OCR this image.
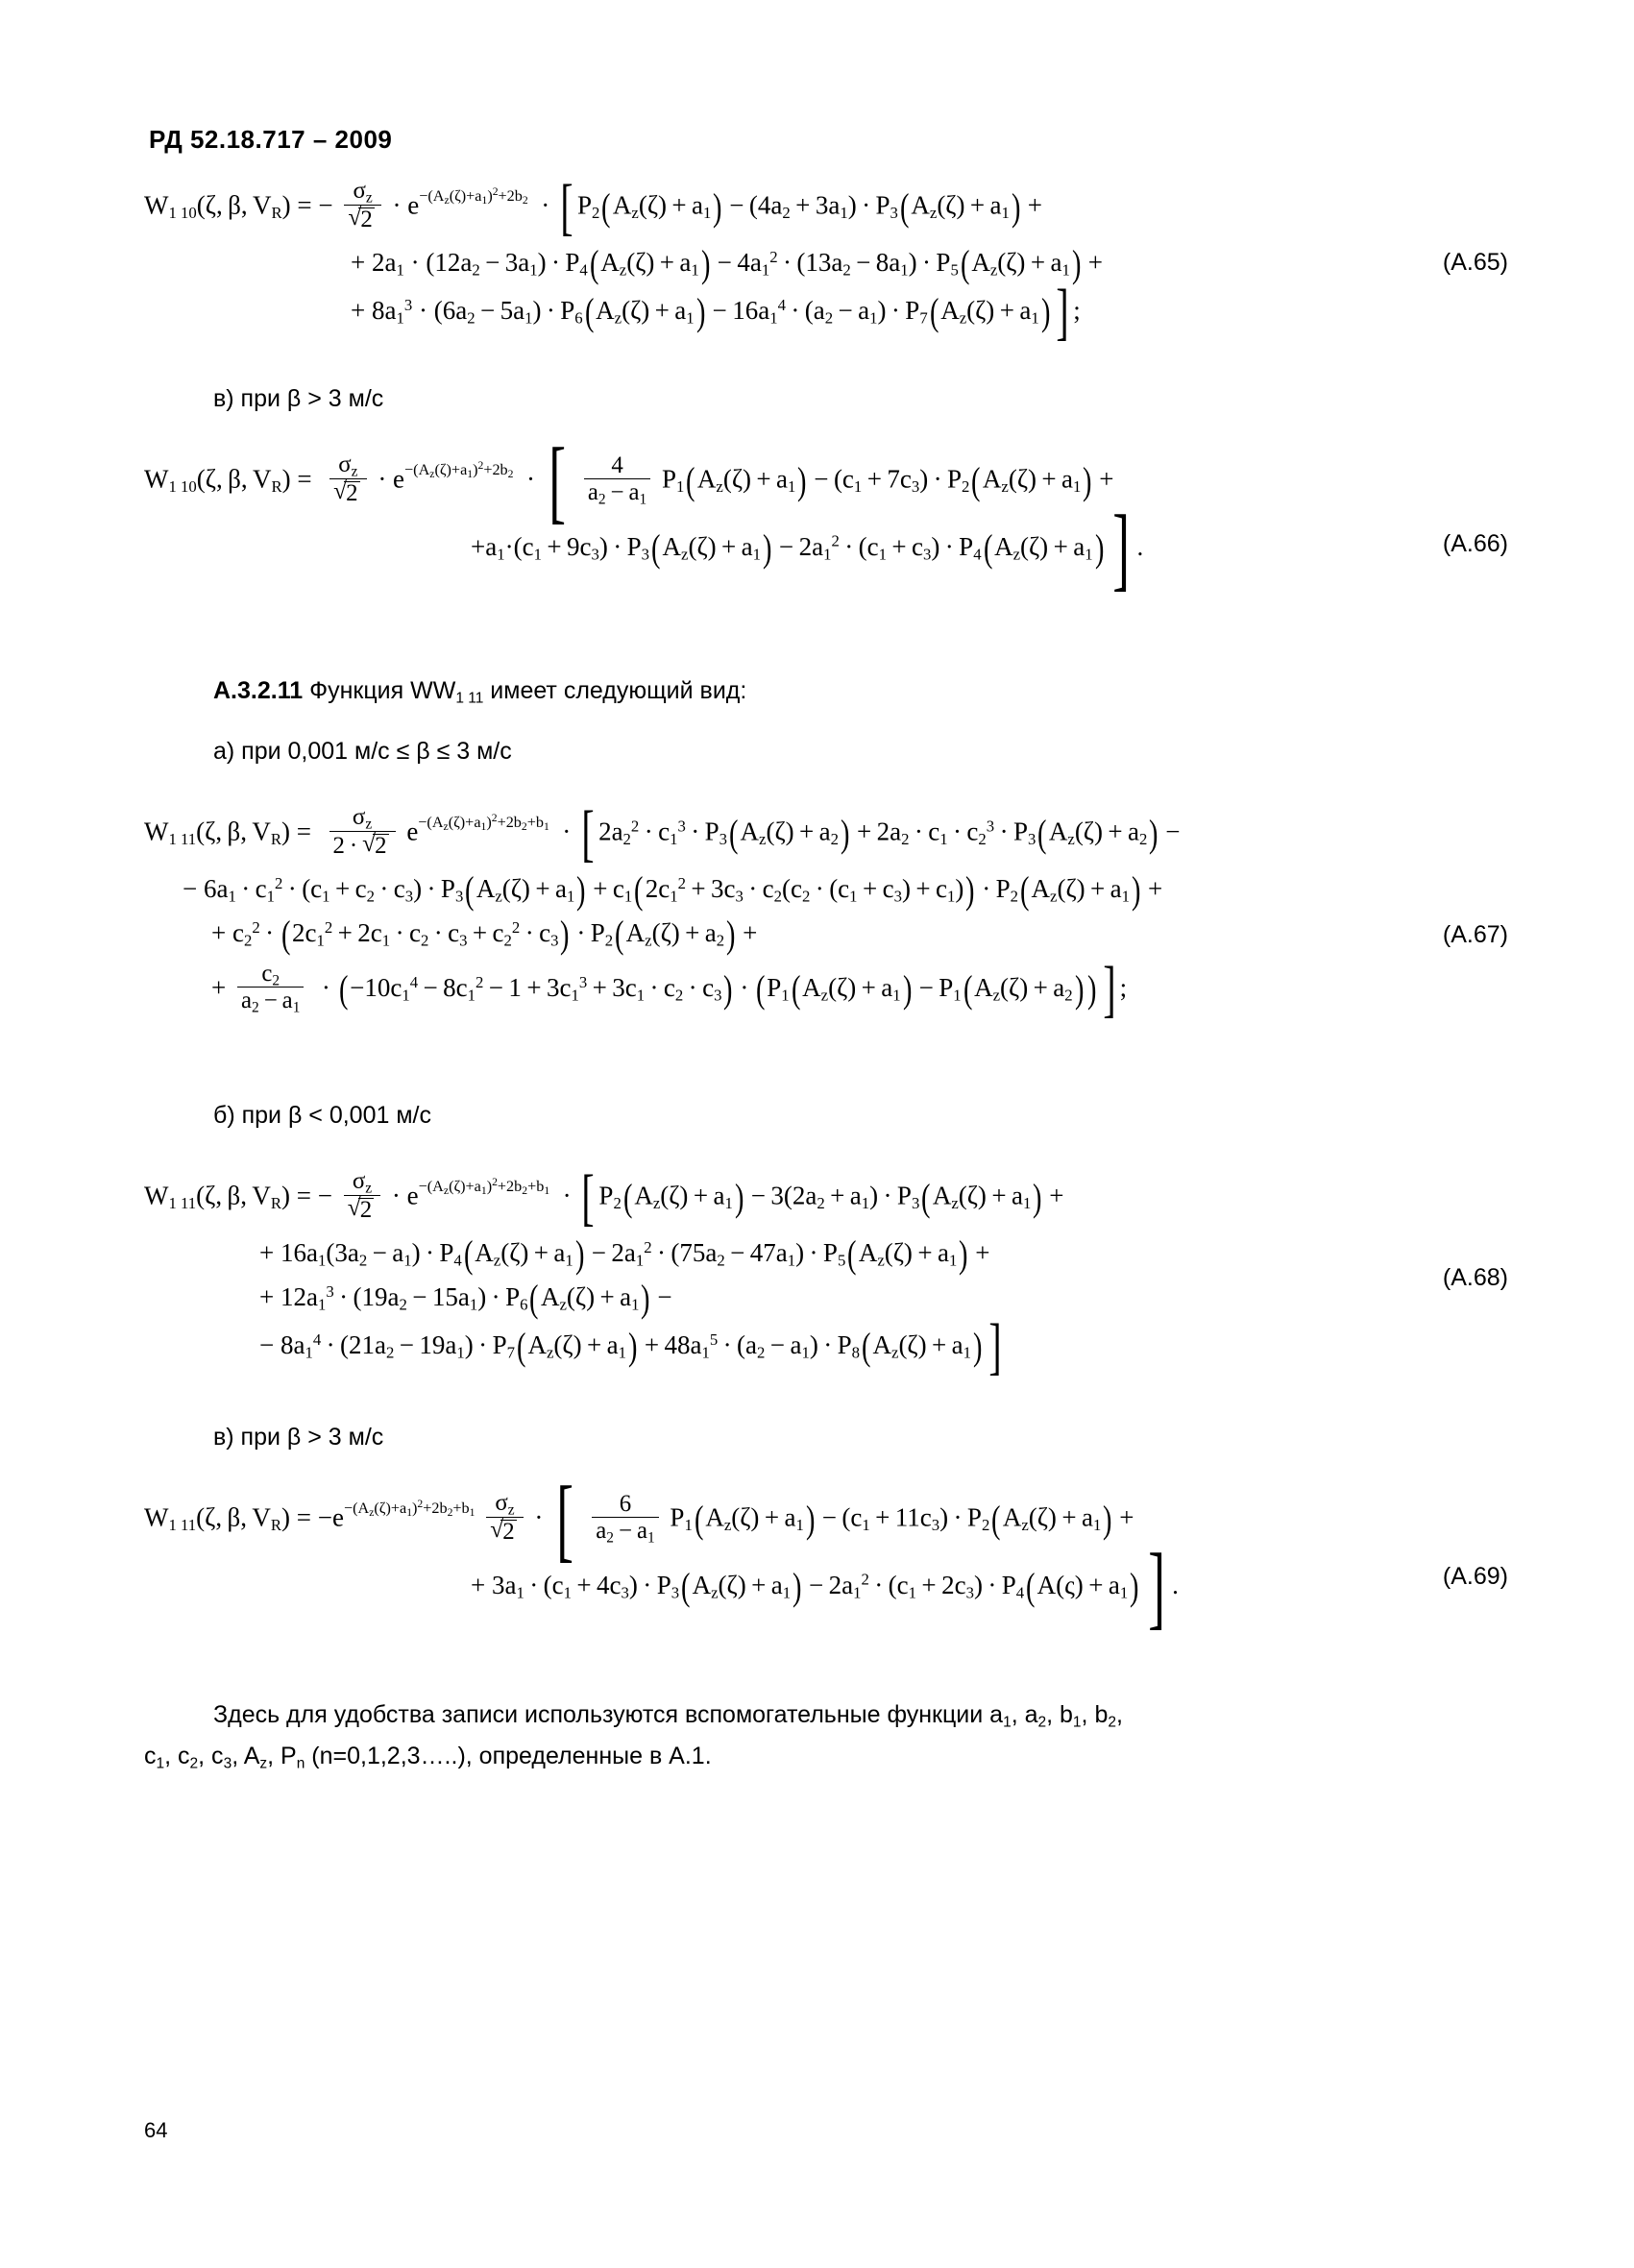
РД 52.18.717 – 2009
$W_{1 10}(\zeta$, β, $V_R$) = − $\sigma_z$
√ $2 \cdot e^{-(A_z(\zeta)+a_1)^2+2b_2}$  · [ $P_2(A_z(\zeta) + a_1) - (4a_2 + 3a_1) \cdot P_3(A_z(\zeta) + a_1)$ +
+ $2a_1 \cdot (12a_2 - 3a_1) \cdot P_4(A_z(\zeta) + a_1) - 4a_1^2 \cdot (13a_2 - 8a_1) \cdot P_5(A_z(\zeta) + a_1)$ +
+ $8a_1^3 \cdot (6a_2 - 5a_1) \cdot P_6(A_z(\zeta) + a_1) - 16a_1^4 \cdot (a_2 - a_1) \cdot P_7(A_z(\zeta) + a_1)$] ;
(А.65)
в) при β > 3 м/с
$W_{1 10}(\zeta$, β, $V_R) = \sigma_z$
√ $2 \cdot e^{-(A_z(\zeta)+a_1)^2+2b_2}$  · [ $\frac{4}{a_2 - a_1} P_1(A_z(\zeta) + a_1) - (c_1 + 7c_3) \cdot P_2(A_z(\zeta) + a_1)$ +
$+a_1\cdot(c_1 + 9c_3) \cdot P_3(A_z(\zeta) + a_1) - 2a_1^2 \cdot (c_1 + c_3) \cdot P_4(A_z(\zeta) + a_1)$] .	(А.66)
А.3.2.11 Функция $WW_{1 11}$ имеет следующий вид:
а) при 0,001 м/с ≤ β ≤ 3 м/с
$W_{1 11}(\zeta$, β, $V_R) = \frac{\sigma_z}{2 \cdot √ 2} e^{-(A_z(\zeta)+a_1)^2+2b_2+b_1}$  · [ $2a_2^2 \cdot c_1^3 \cdot P_3(A_z(\zeta) + a_2) + 2a_2 \cdot c_1 \cdot c_2^3 \cdot P_3(A_z(\zeta) + a_2)$ −
− $6a_1 \cdot c_1^2 \cdot (c_1 + c_2 \cdot c_3) \cdot P_3(A_z(\zeta) + a_1) + c_1(2c_1^2 + 3c_3 \cdot c_2(c_2 \cdot (c_1 + c_3) + c_1)) \cdot P_2(A_z(\zeta) + a_1)$ +
+ $c_2^2 \cdot (2c_1^2 + 2c_1 \cdot c_2 \cdot c_3 + c_2^2 \cdot c_3) \cdot P_2(A_z(\zeta) + a_2)$ +
+ $\frac{c_2}{a_2 - a_1} \cdot (-10c_1^4 - 8c_1^2 - 1 + 3c_1^3 + 3c_1 \cdot c_2 \cdot c_3) \cdot (P_1(A_z(\zeta) + a_1) - P_1(A_z(\zeta) + a_2))$] ;
(А.67)
б) при β < 0,001 м/с
$W_{1 11}(\zeta$, β, $V_R$) = − $\sigma_z$
√ $2 \cdot e^{-(A_z(\zeta)+a_1)^2+2b_2+b_1}$  · [ $P_2(A_z(\zeta) + a_1) - 3(2a_2 + a_1) \cdot P_3(A_z(\zeta) + a_1)$ +
+ $16a_1(3a_2 - a_1) \cdot P_4(A_z(\zeta) + a_1) - 2a_1^2 \cdot (75a_2 - 47a_1) \cdot P_5(A_z(\zeta) + a_1)$ +
+ $12a_1^3 \cdot (19a_2 - 15a_1) \cdot P_6(A_z(\zeta) + a_1)$ −
− $8a_1^4 \cdot (21a_2 - 19a_1) \cdot P_7(A_z(\zeta) + a_1) + 48a_1^5 \cdot (a_2 - a_1) \cdot P_8(A_z(\zeta) + a_1)$]
(А.68)
в) при β > 3 м/с
$W_{1 11}(\zeta$, β, $V_R) = -e^{-(A_z(\zeta)+a_1)^2+2b_2+b_1}$ $\sigma_z$
√ 2 · [ $\frac{6}{a_2 - a_1} P_1(A_z(\zeta) + a_1) - (c_1 + 11c_3) \cdot P_2(A_z(\zeta) + a_1)$ +
+ $3a_1 \cdot (c_1 + 4c_3) \cdot P_3(A_z(\zeta) + a_1) - 2a_1^2 \cdot (c_1 + 2c_3) \cdot P_4(A(\varsigma) + a_1)$] .	(А.69)
Здесь для удобства записи используются вспомогательные функции $a_1$, $a_2$, $b_1$, $b_2$,
$c_1$, $c_2$, $c_3$, $A_z$, $P_n$ (n=0,1,2,3…..), определенные в А.1.
64
